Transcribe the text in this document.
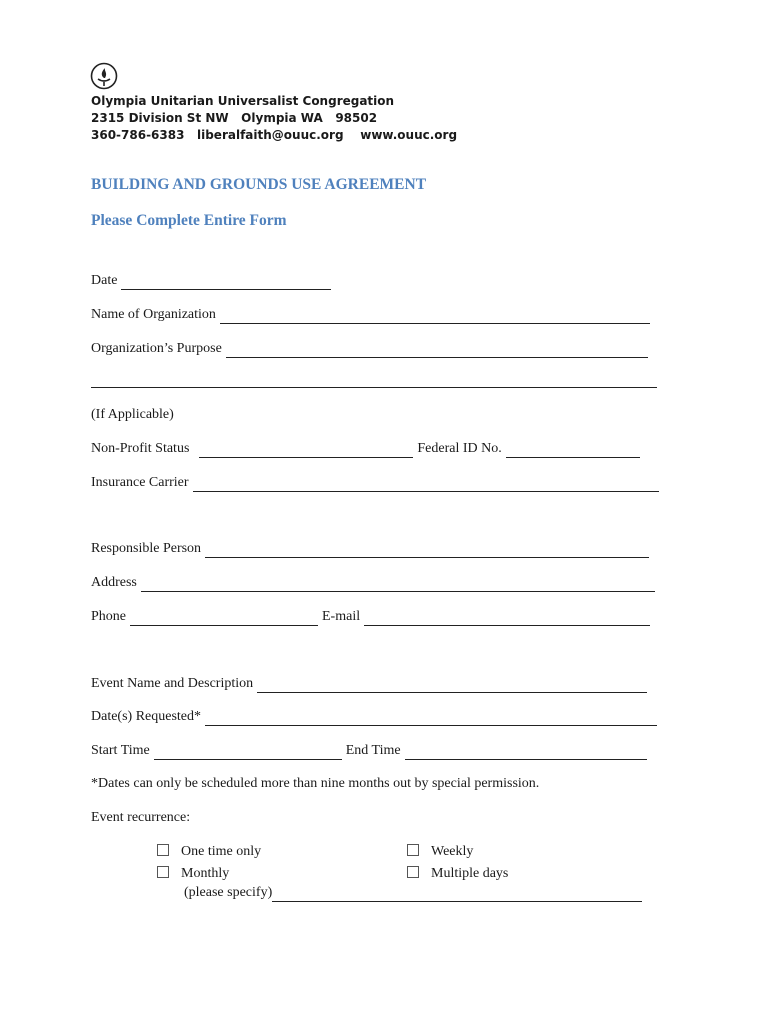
Olympia Unitarian Universalist Congregation
2315 Division St NW   Olympia WA   98502
360-786-6383   liberalfaith@ouuc.org    www.ouuc.org
BUILDING AND GROUNDS USE AGREEMENT
Please Complete Entire Form
Date
Name of Organization
Organization’s Purpose
(If Applicable)
Non-Profit Status	Federal ID No.
Insurance Carrier
Responsible Person
Address
Phone	E-mail
Event Name and Description
Date(s) Requested*
Start Time	End Time
*Dates can only be scheduled more than nine months out by special permission.
Event recurrence:
One time only	Weekly
Monthly	Multiple days
(please specify)
